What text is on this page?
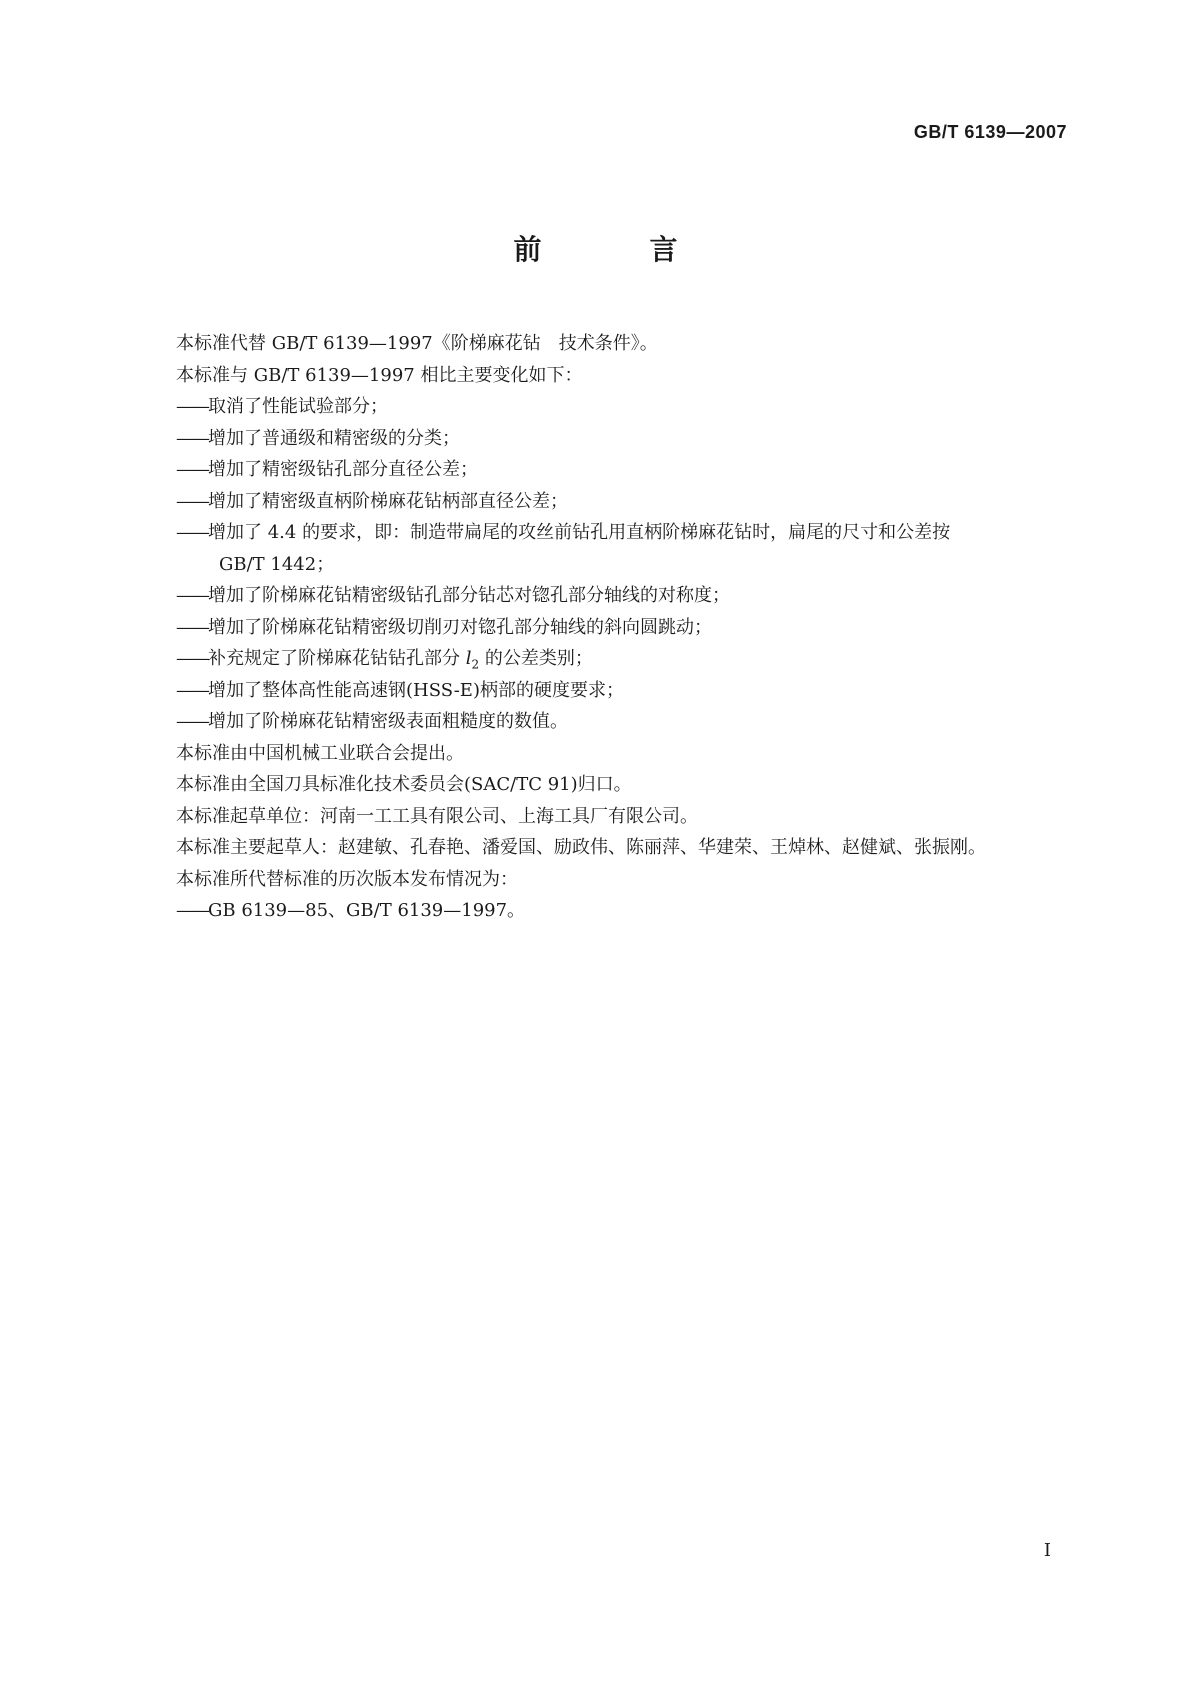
GB/T 6139—2007
前　言
本标准代替 GB/T 6139—1997《阶梯麻花钻　技术条件》。
本标准与 GB/T 6139—1997 相比主要变化如下：
—— 取消了性能试验部分；
—— 增加了普通级和精密级的分类；
—— 增加了精密级钻孔部分直径公差；
—— 增加了精密级直柄阶梯麻花钻柄部直径公差；
—— 增加了 4.4 的要求，即：制造带扁尾的攻丝前钻孔用直柄阶梯麻花钻时，扁尾的尺寸和公差按
GB/T 1442；
—— 增加了阶梯麻花钻精密级钻孔部分钻芯对锪孔部分轴线的对称度；
—— 增加了阶梯麻花钻精密级切削刃对锪孔部分轴线的斜向圆跳动；
—— 补充规定了阶梯麻花钻钻孔部分 $l_2$ 的公差类别；
—— 增加了整体高性能高速钢(HSS-E)柄部的硬度要求；
—— 增加了阶梯麻花钻精密级表面粗糙度的数值。
本标准由中国机械工业联合会提出。
本标准由全国刀具标准化技术委员会(SAC/TC 91)归口。
本标准起草单位：河南一工工具有限公司、上海工具厂有限公司。
本标准主要起草人：赵建敏、孔春艳、潘爱国、励政伟、陈丽萍、华建荣、王焯林、赵健斌、张振刚。
本标准所代替标准的历次版本发布情况为：
—— GB 6139—85、GB/T 6139—1997。
I
